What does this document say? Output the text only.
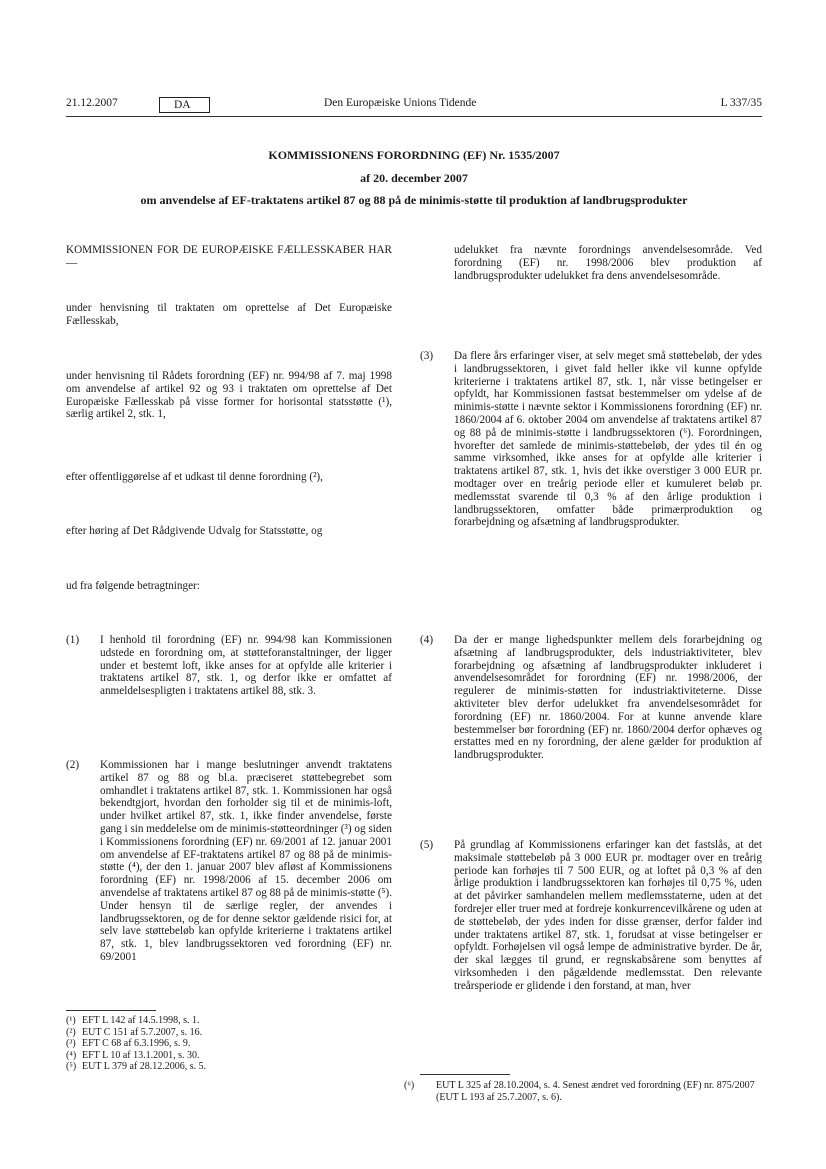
21.12.2007	DA	Den Europæiske Unions Tidende	L 337/35

KOMMISSIONENS FORORDNING (EF) Nr. 1535/2007

af 20. december 2007

om anvendelse af EF-traktatens artikel 87 og 88 på de minimis-støtte til produktion af landbrugsprodukter

KOMMISSIONEN FOR DE EUROPÆISKE FÆLLESSKABER HAR —

under henvisning til traktaten om oprettelse af Det Europæiske Fællesskab,

under henvisning til Rådets forordning (EF) nr. 994/98 af 7. maj 1998 om anvendelse af artikel 92 og 93 i traktaten om oprettelse af Det Europæiske Fællesskab på visse former for horisontal statsstøtte (¹), særlig artikel 2, stk. 1,

efter offentliggørelse af et udkast til denne forordning (²),

efter høring af Det Rådgivende Udvalg for Statsstøtte, og

ud fra følgende betragtninger:

(1) I henhold til forordning (EF) nr. 994/98 kan Kommissionen udstede en forordning om, at støtteforanstaltninger, der ligger under et bestemt loft, ikke anses for at opfylde alle kriterier i traktatens artikel 87, stk. 1, og derfor ikke er omfattet af anmeldelsespligten i traktatens artikel 88, stk. 3.

(2) Kommissionen har i mange beslutninger anvendt traktatens artikel 87 og 88 og bl.a. præciseret støttebegrebet som omhandlet i traktatens artikel 87, stk. 1. Kommissionen har også bekendtgjort, hvordan den forholder sig til et de minimis-loft, under hvilket artikel 87, stk. 1, ikke finder anvendelse, første gang i sin meddelelse om de minimis-støtteordninger (³) og siden i Kommissionens forordning (EF) nr. 69/2001 af 12. januar 2001 om anvendelse af EF-traktatens artikel 87 og 88 på de minimis-støtte (⁴), der den 1. januar 2007 blev afløst af Kommissionens forordning (EF) nr. 1998/2006 af 15. december 2006 om anvendelse af traktatens artikel 87 og 88 på de minimis-støtte (⁵). Under hensyn til de særlige regler, der anvendes i landbrugssektoren, og de for denne sektor gældende risici for, at selv lave støttebeløb kan opfylde kriterierne i traktatens artikel 87, stk. 1, blev landbrugssektoren ved forordning (EF) nr. 69/2001

(¹) EFT L 142 af 14.5.1998, s. 1.

(²) EUT C 151 af 5.7.2007, s. 16.

(³) EFT C 68 af 6.3.1996, s. 9.

(⁴) EFT L 10 af 13.1.2001, s. 30.

(⁵) EUT L 379 af 28.12.2006, s. 5.

udelukket fra nævnte forordnings anvendelsesområde. Ved forordning (EF) nr. 1998/2006 blev produktion af landbrugsprodukter udelukket fra dens anvendelsesområde.

(3) Da flere års erfaringer viser, at selv meget små støttebeløb, der ydes i landbrugssektoren, i givet fald heller ikke vil kunne opfylde kriterierne i traktatens artikel 87, stk. 1, når visse betingelser er opfyldt, har Kommissionen fastsat bestemmelser om ydelse af de minimis-støtte i nævnte sektor i Kommissionens forordning (EF) nr. 1860/2004 af 6. oktober 2004 om anvendelse af traktatens artikel 87 og 88 på de minimis-støtte i landbrugssektoren (⁶). Forordningen, hvorefter det samlede de minimis-støttebeløb, der ydes til én og samme virksomhed, ikke anses for at opfylde alle kriterier i traktatens artikel 87, stk. 1, hvis det ikke overstiger 3 000 EUR pr. modtager over en treårig periode eller et kumuleret beløb pr. medlemsstat svarende til 0,3 % af den årlige produktion i landbrugssektoren, omfatter både primærproduktion og forarbejdning og afsætning af landbrugsprodukter.

(4) Da der er mange lighedspunkter mellem dels forarbejdning og afsætning af landbrugsprodukter, dels industriaktiviteter, blev forarbejdning og afsætning af landbrugsprodukter inkluderet i anvendelsesområdet for forordning (EF) nr. 1998/2006, der regulerer de minimis-støtten for industriaktiviteterne. Disse aktiviteter blev derfor udelukket fra anvendelsesområdet for forordning (EF) nr. 1860/2004. For at kunne anvende klare bestemmelser bør forordning (EF) nr. 1860/2004 derfor ophæves og erstattes med en ny forordning, der alene gælder for produktion af landbrugsprodukter.

(5) På grundlag af Kommissionens erfaringer kan det fastslås, at det maksimale støttebeløb på 3 000 EUR pr. modtager over en treårig periode kan forhøjes til 7 500 EUR, og at loftet på 0,3 % af den årlige produktion i landbrugssektoren kan forhøjes til 0,75 %, uden at det påvirker samhandelen mellem medlemsstaterne, uden at det fordrejer eller truer med at fordreje konkurrencevilkårene og uden at de støttebeløb, der ydes inden for disse grænser, derfor falder ind under traktatens artikel 87, stk. 1, forudsat at visse betingelser er opfyldt. Forhøjelsen vil også lempe de administrative byrder. De år, der skal lægges til grund, er regnskabsårene som benyttes af virksomheden i den pågældende medlemsstat. Den relevante treårsperiode er glidende i den forstand, at man, hver

(⁶) EUT L 325 af 28.10.2004, s. 4. Senest ændret ved forordning (EF) nr. 875/2007 (EUT L 193 af 25.7.2007, s. 6).
